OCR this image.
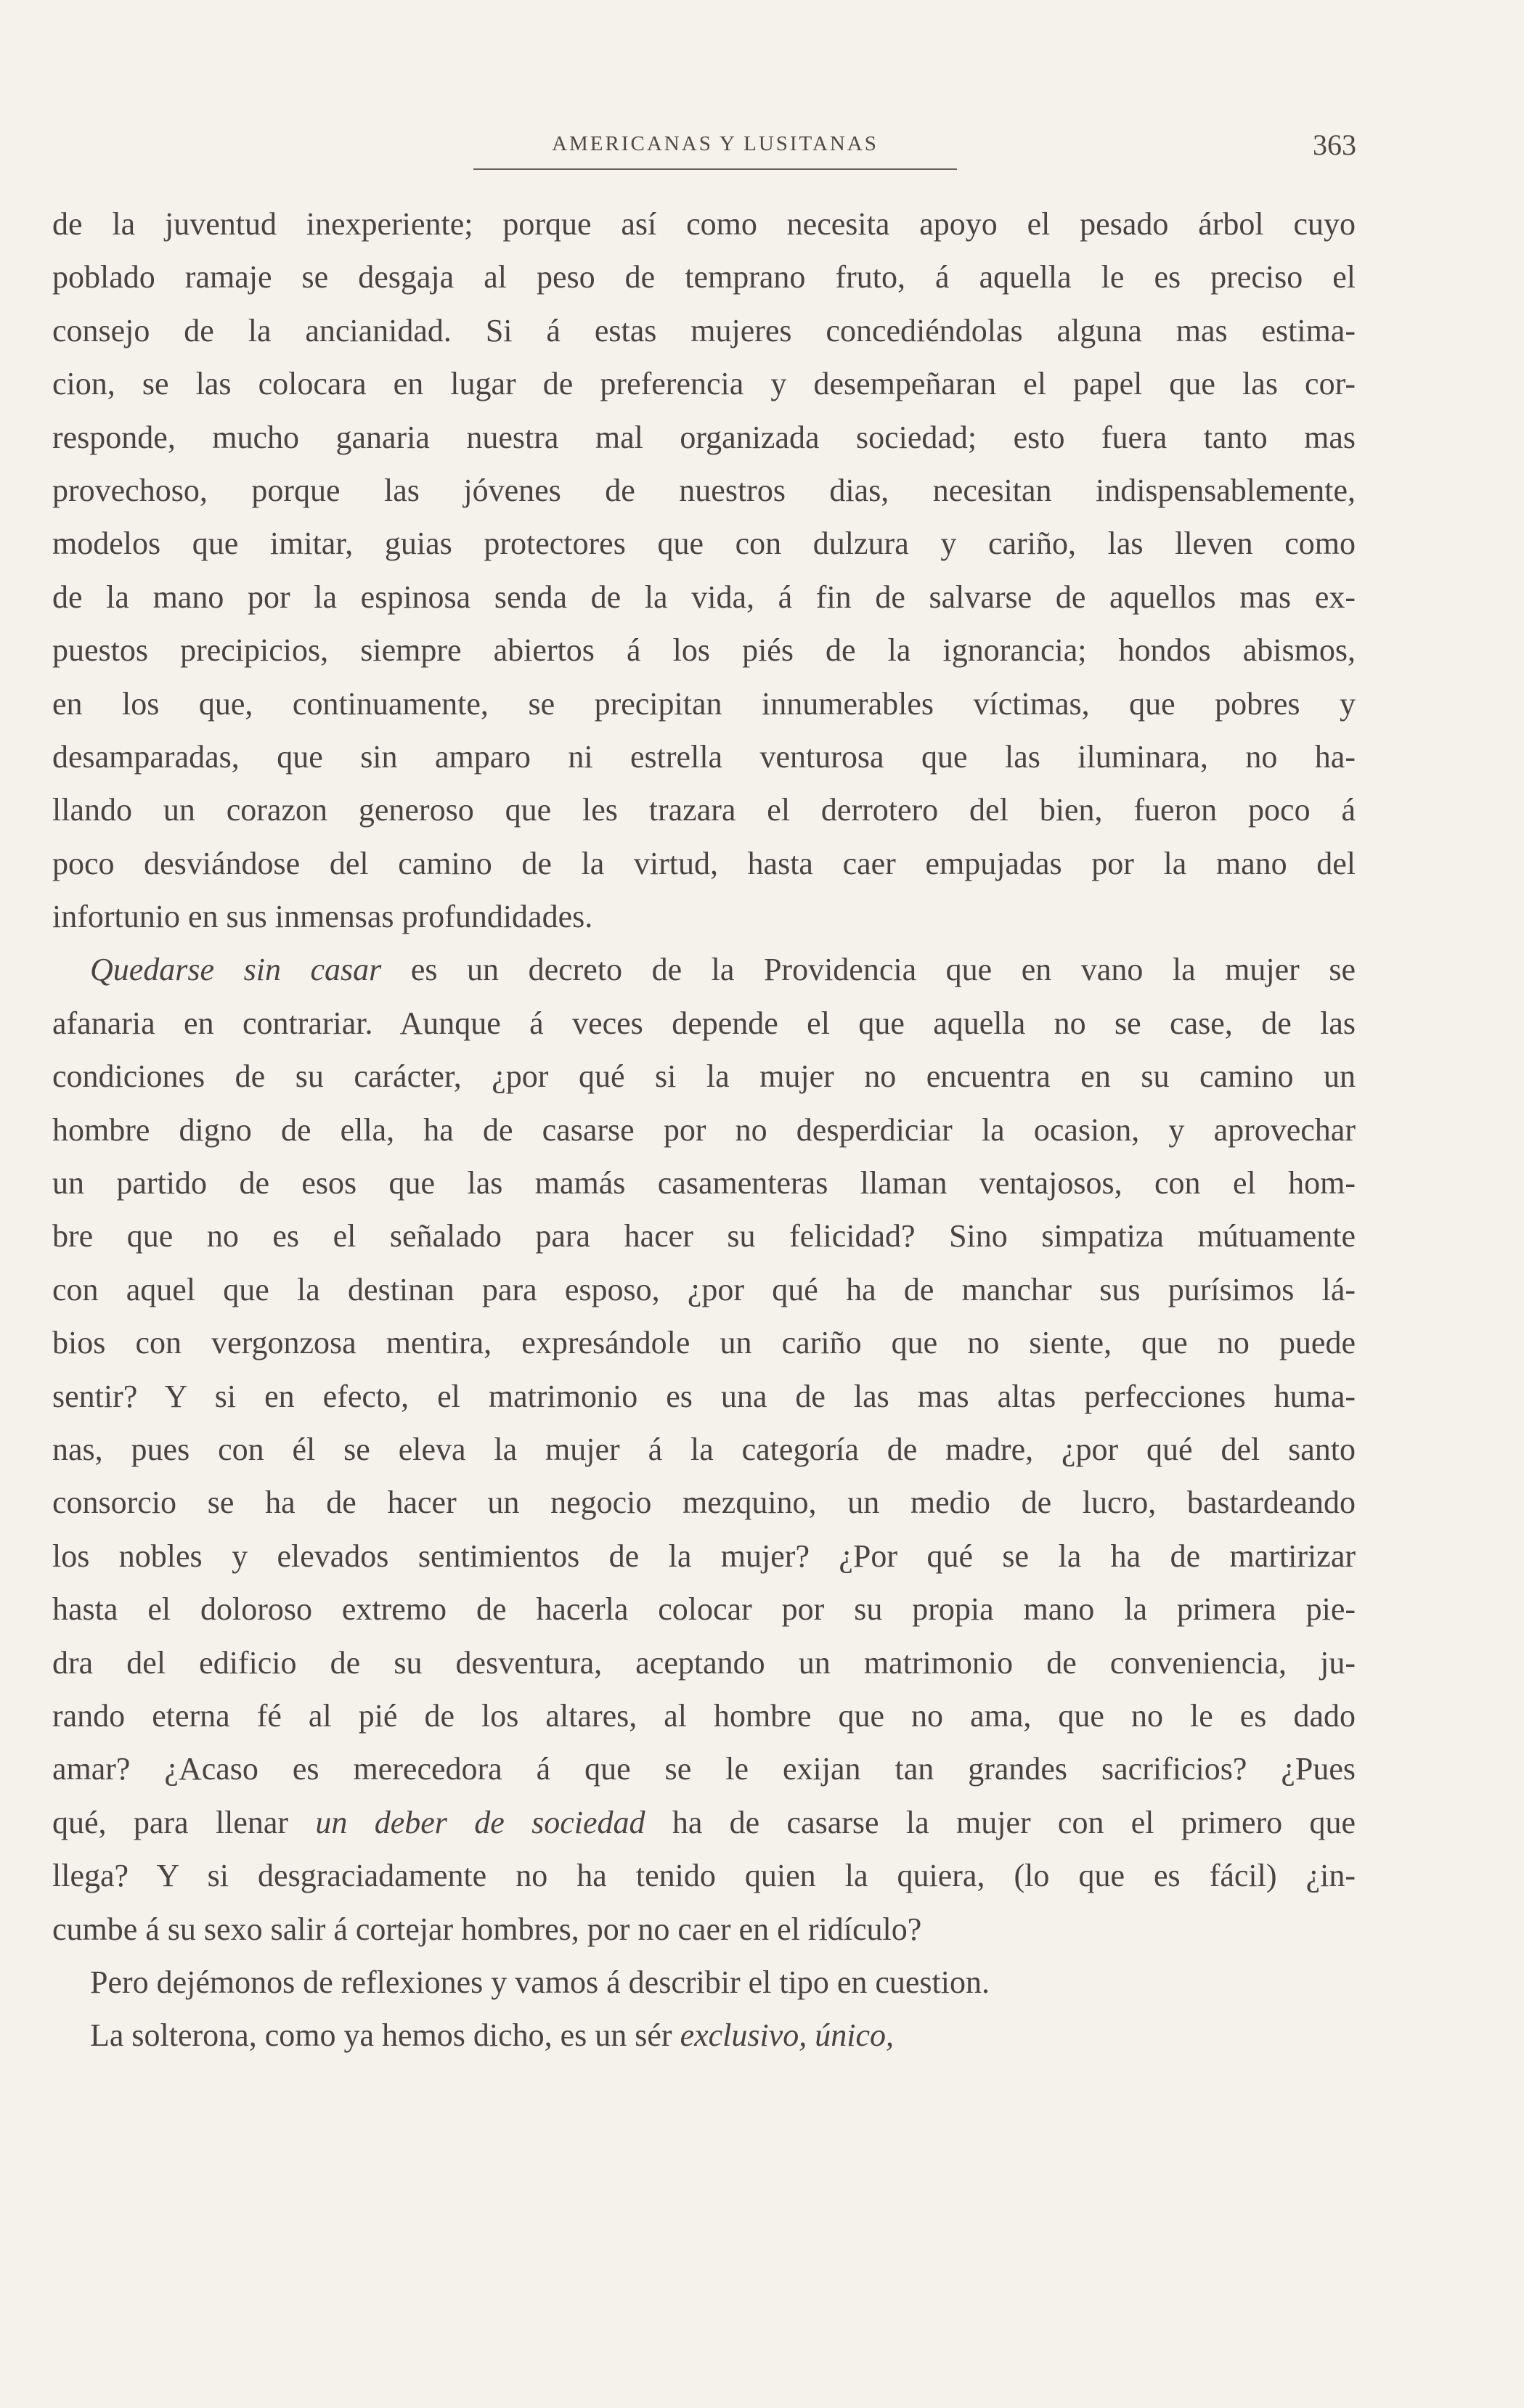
AMERICANAS Y LUSITANAS	363
de la juventud inexperiente; porque así como necesita apoyo el pesado árbol cuyo
poblado ramaje se desgaja al peso de temprano fruto, á aquella le es preciso el
consejo de la ancianidad. Si á estas mujeres concediéndolas alguna mas estima-
cion, se las colocara en lugar de preferencia y desempeñaran el papel que las cor-
responde, mucho ganaria nuestra mal organizada sociedad; esto fuera tanto mas
provechoso, porque las jóvenes de nuestros dias, necesitan indispensablemente,
modelos que imitar, guias protectores que con dulzura y cariño, las lleven como
de la mano por la espinosa senda de la vida, á fin de salvarse de aquellos mas ex-
puestos precipicios, siempre abiertos á los piés de la ignorancia; hondos abismos,
en los que, continuamente, se precipitan innumerables víctimas, que pobres y
desamparadas, que sin amparo ni estrella venturosa que las iluminara, no ha-
llando un corazon generoso que les trazara el derrotero del bien, fueron poco á
poco desviándose del camino de la virtud, hasta caer empujadas por la mano del
infortunio en sus inmensas profundidades.
Quedarse sin casar es un decreto de la Providencia que en vano la mujer se
afanaria en contrariar. Aunque á veces depende el que aquella no se case, de las
condiciones de su carácter, ¿por qué si la mujer no encuentra en su camino un
hombre digno de ella, ha de casarse por no desperdiciar la ocasion, y aprovechar
un partido de esos que las mamás casamenteras llaman ventajosos, con el hom-
bre que no es el señalado para hacer su felicidad? Sino simpatiza mútuamente
con aquel que la destinan para esposo, ¿por qué ha de manchar sus purísimos lá-
bios con vergonzosa mentira, expresándole un cariño que no siente, que no puede
sentir? Y si en efecto, el matrimonio es una de las mas altas perfecciones huma-
nas, pues con él se eleva la mujer á la categoría de madre, ¿por qué del santo
consorcio se ha de hacer un negocio mezquino, un medio de lucro, bastardeando
los nobles y elevados sentimientos de la mujer? ¿Por qué se la ha de martirizar
hasta el doloroso extremo de hacerla colocar por su propia mano la primera pie-
dra del edificio de su desventura, aceptando un matrimonio de conveniencia, ju-
rando eterna fé al pié de los altares, al hombre que no ama, que no le es dado
amar? ¿Acaso es merecedora á que se le exijan tan grandes sacrificios? ¿Pues
qué, para llenar un deber de sociedad ha de casarse la mujer con el primero que
llega? Y si desgraciadamente no ha tenido quien la quiera, (lo que es fácil) ¿in-
cumbe á su sexo salir á cortejar hombres, por no caer en el ridículo?
Pero dejémonos de reflexiones y vamos á describir el tipo en cuestion.
La solterona, como ya hemos dicho, es un sér exclusivo, único,
